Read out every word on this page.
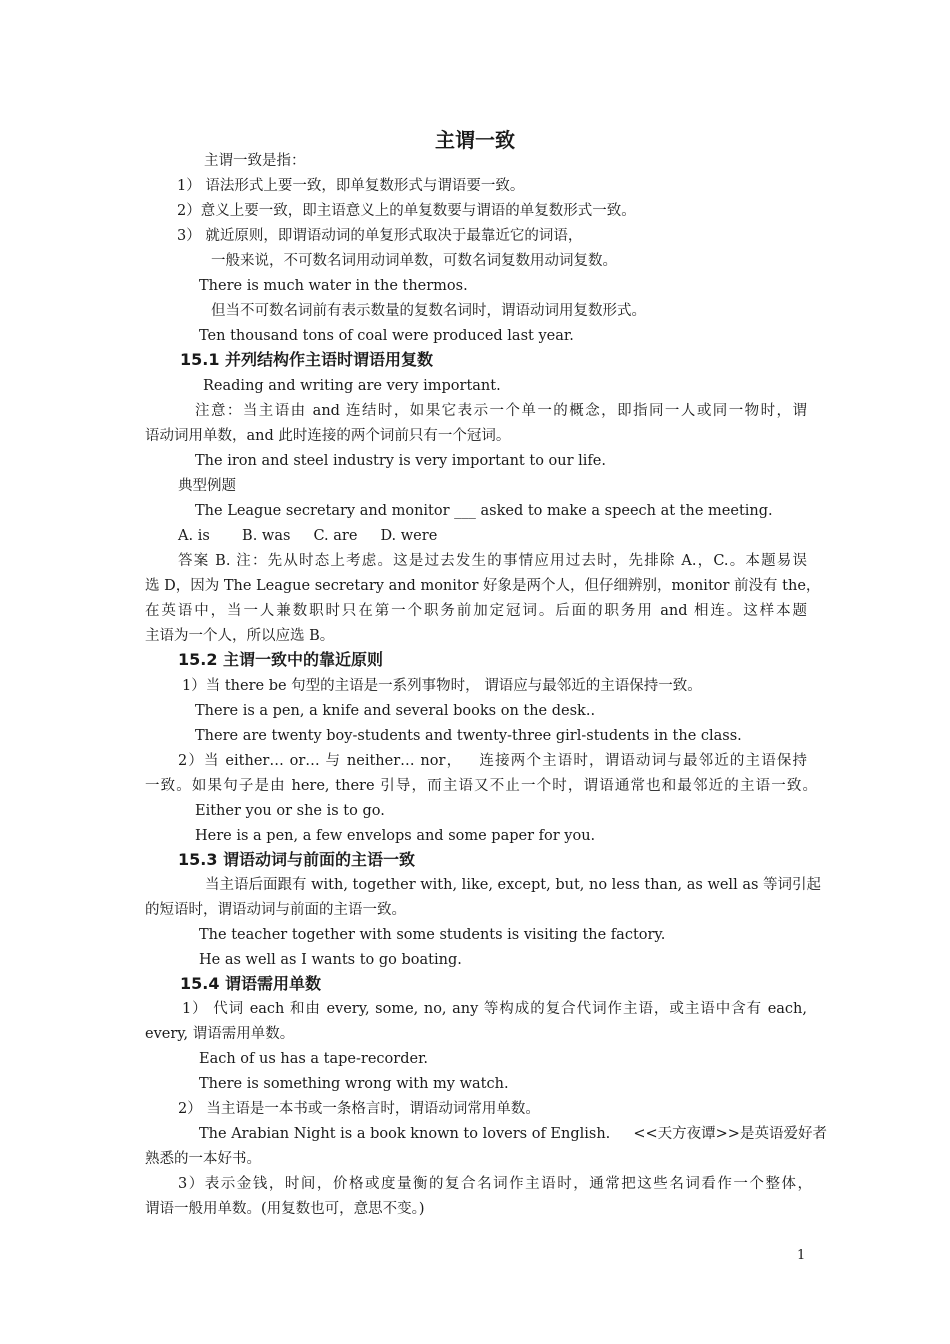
主谓一致
主谓一致是指：
1） 语法形式上要一致，即单复数形式与谓语要一致。
2）意义上要一致，即主语意义上的单复数要与谓语的单复数形式一致。
3） 就近原则，即谓语动词的单复形式取决于最靠近它的词语，
一般来说，不可数名词用动词单数，可数名词复数用动词复数。
There is much water in the thermos.
但当不可数名词前有表示数量的复数名词时，谓语动词用复数形式。
Ten thousand tons of coal were produced last year.
15.1 并列结构作主语时谓语用复数
Reading and writing are very important.
注意：当主语由 and 连结时，如果它表示一个单一的概念，即指同一人或同一物时，谓
语动词用单数，and 此时连接的两个词前只有一个冠词。
The iron and steel industry is very important to our life.
典型例题
The League secretary and monitor ___ asked to make a speech at the meeting.
A. is       B. was     C. are     D. were
答案 B. 注：先从时态上考虑。这是过去发生的事情应用过去时，先排除 A.，C.。本题易误
选 D，因为 The League secretary and monitor 好象是两个人，但仔细辨别，monitor 前没有 the，
在英语中，当一人兼数职时只在第一个职务前加定冠词。后面的职务用 and 相连。这样本题
主语为一个人，所以应选 B。
15.2 主谓一致中的靠近原则
1）当 there be 句型的主语是一系列事物时， 谓语应与最邻近的主语保持一致。
There is a pen, a knife and several books on the desk..
There are twenty boy-students and twenty-three girl-students in the class.
2）当 either… or… 与 neither… nor，   连接两个主语时，谓语动词与最邻近的主语保持
一致。如果句子是由 here, there 引导，而主语又不止一个时，谓语通常也和最邻近的主语一致。
Either you or she is to go.
Here is a pen, a few envelops and some paper for you.
15.3 谓语动词与前面的主语一致
当主语后面跟有 with, together with, like, except, but, no less than, as well as 等词引起
的短语时，谓语动词与前面的主语一致。
The teacher together with some students is visiting the factory.
He as well as I wants to go boating.
15.4 谓语需用单数
1） 代词 each 和由 every, some, no, any 等构成的复合代词作主语，或主语中含有 each,
every, 谓语需用单数。
Each of us has a tape-recorder.
There is something wrong with my watch.
2） 当主语是一本书或一条格言时，谓语动词常用单数。
The Arabian Night is a book known to lovers of English.     <<天方夜谭>>是英语爱好者
熟悉的一本好书。
3）表示金钱，时间，价格或度量衡的复合名词作主语时，通常把这些名词看作一个整体，
谓语一般用单数。(用复数也可，意思不变。)
1
